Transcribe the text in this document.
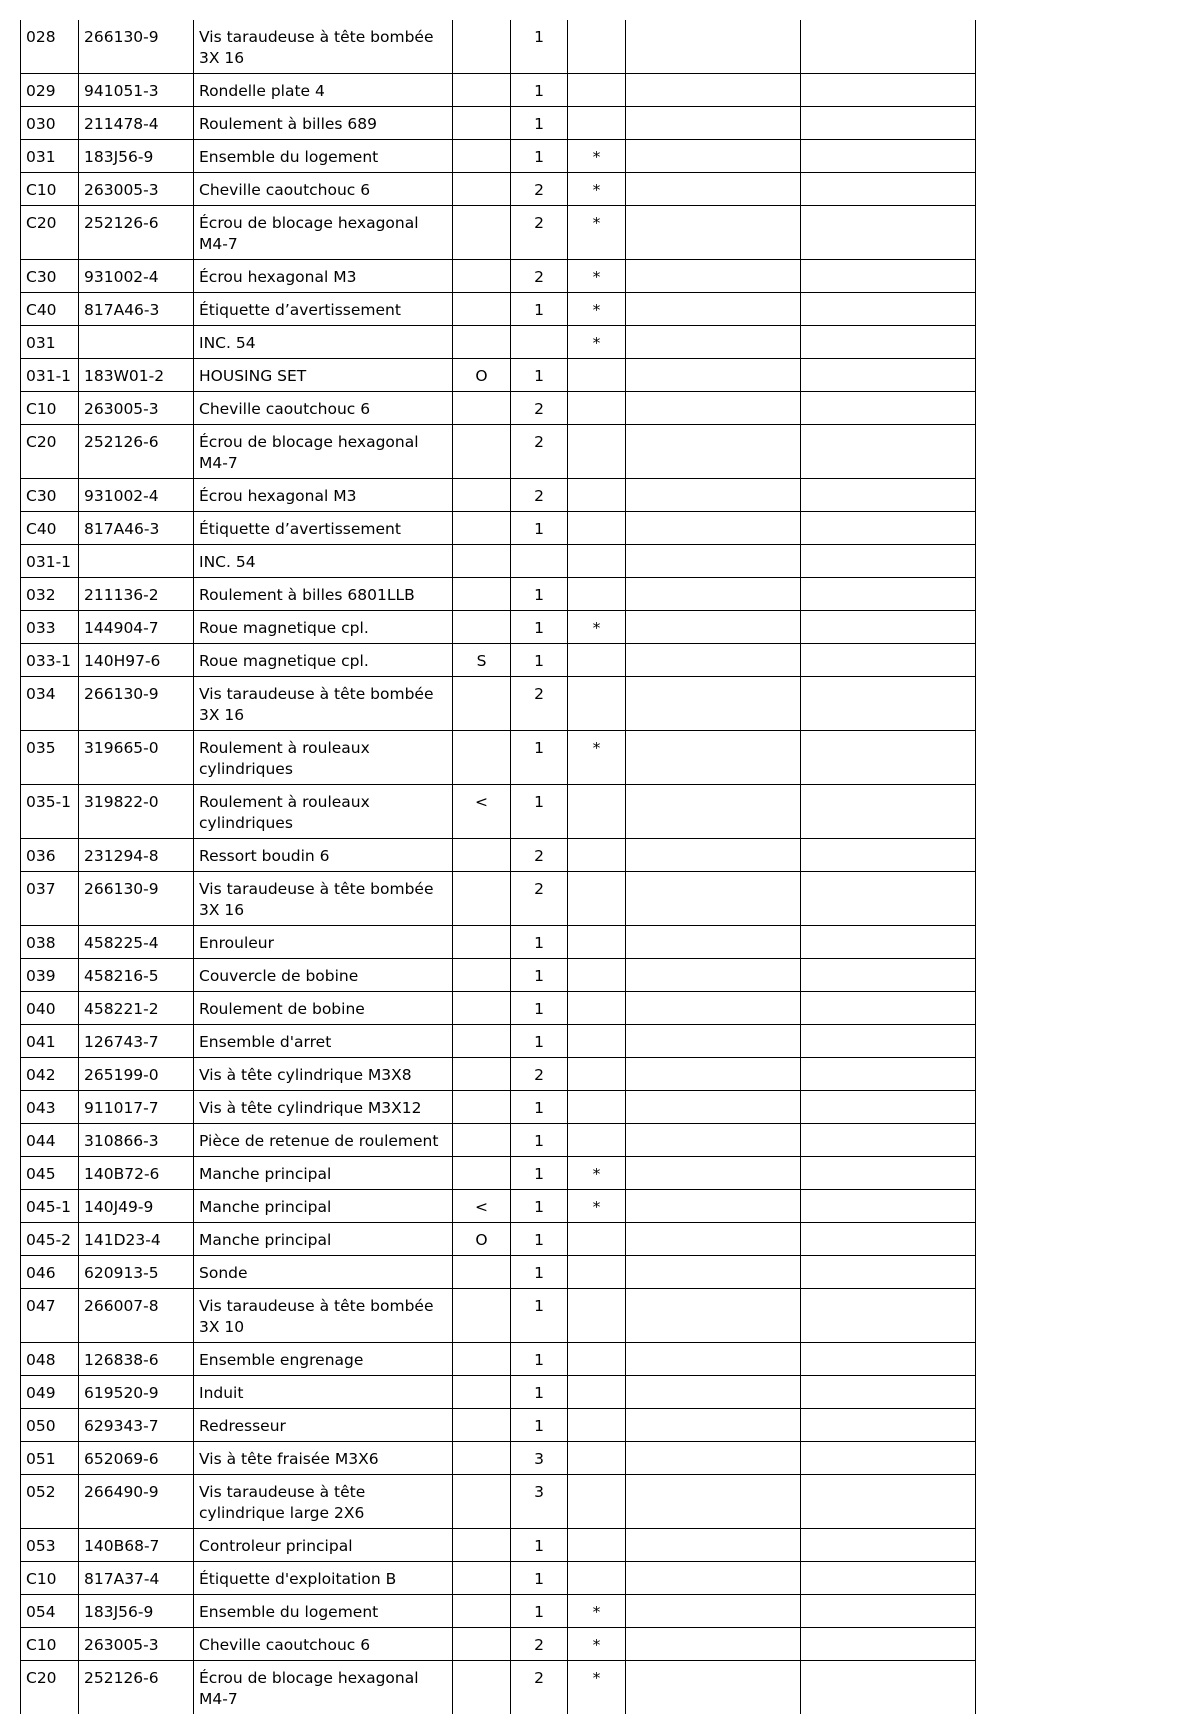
028	266130-9	Vis taraudeuse à tête bombée 3X 16		1			
029	941051-3	Rondelle plate 4		1			
030	211478-4	Roulement à billes 689		1			
031	183J56-9	Ensemble du logement		1	*		
C10	263005-3	Cheville caoutchouc 6		2	*		
C20	252126-6	Écrou de blocage hexagonal M4-7		2	*		
C30	931002-4	Écrou hexagonal M3		2	*		
C40	817A46-3	Étiquette d’avertissement		1	*		
031		INC. 54			*		
031-1	183W01-2	HOUSING SET	O	1			
C10	263005-3	Cheville caoutchouc 6		2			
C20	252126-6	Écrou de blocage hexagonal M4-7		2			
C30	931002-4	Écrou hexagonal M3		2			
C40	817A46-3	Étiquette d’avertissement		1			
031-1		INC. 54					
032	211136-2	Roulement à billes 6801LLB		1			
033	144904-7	Roue magnetique cpl.		1	*		
033-1	140H97-6	Roue magnetique cpl.	S	1			
034	266130-9	Vis taraudeuse à tête bombée 3X 16		2			
035	319665-0	Roulement à rouleaux cylindriques		1	*		
035-1	319822-0	Roulement à rouleaux cylindriques	<	1			
036	231294-8	Ressort boudin 6		2			
037	266130-9	Vis taraudeuse à tête bombée 3X 16		2			
038	458225-4	Enrouleur		1			
039	458216-5	Couvercle de bobine		1			
040	458221-2	Roulement de bobine		1			
041	126743-7	Ensemble d'arret		1			
042	265199-0	Vis à tête cylindrique M3X8		2			
043	911017-7	Vis à tête cylindrique M3X12		1			
044	310866-3	Pièce de retenue de roulement		1			
045	140B72-6	Manche principal		1	*		
045-1	140J49-9	Manche principal	<	1	*		
045-2	141D23-4	Manche principal	O	1			
046	620913-5	Sonde		1			
047	266007-8	Vis taraudeuse à tête bombée 3X 10		1			
048	126838-6	Ensemble engrenage		1			
049	619520-9	Induit		1			
050	629343-7	Redresseur		1			
051	652069-6	Vis à tête fraisée M3X6		3			
052	266490-9	Vis taraudeuse à tête cylindrique large 2X6		3			
053	140B68-7	Controleur principal		1			
C10	817A37-4	Étiquette d'exploitation B		1			
054	183J56-9	Ensemble du logement		1	*		
C10	263005-3	Cheville caoutchouc 6		2	*		
C20	252126-6	Écrou de blocage hexagonal M4-7		2	*		
